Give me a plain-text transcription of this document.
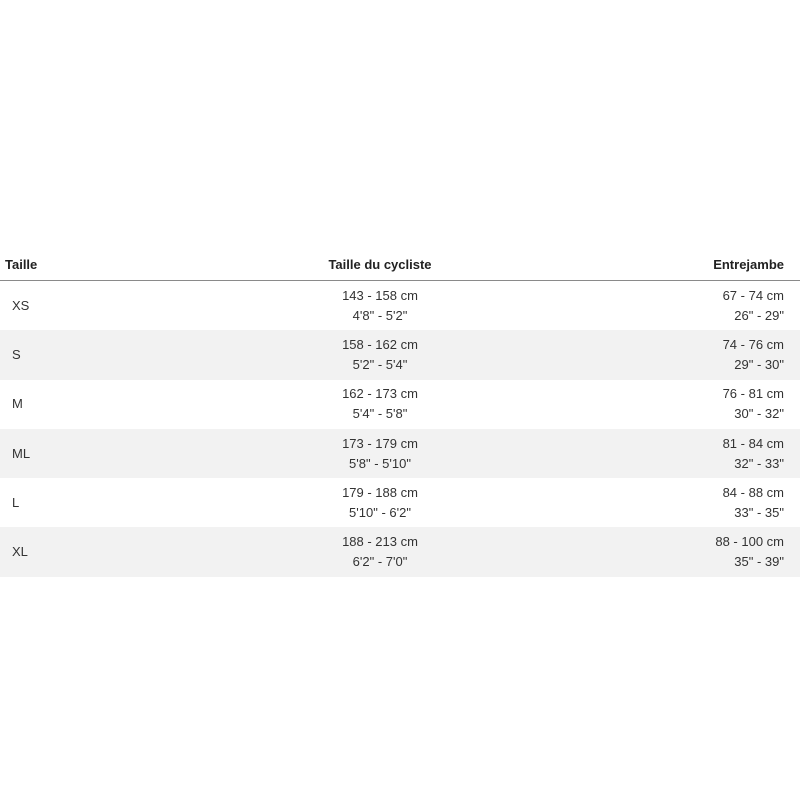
Taille	Taille du cycliste	Entrejambe
XS
143 - 158 cm
4'8" - 5'2"
67 - 74 cm
26" - 29"
S
158 - 162 cm
5'2" - 5'4"
74 - 76 cm
29" - 30"
M
162 - 173 cm
5'4" - 5'8"
76 - 81 cm
30" - 32"
ML
173 - 179 cm
5'8" - 5'10"
81 - 84 cm
32" - 33"
L
179 - 188 cm
5'10" - 6'2"
84 - 88 cm
33" - 35"
XL
188 - 213 cm
6'2" - 7'0"
88 - 100 cm
35" - 39"
